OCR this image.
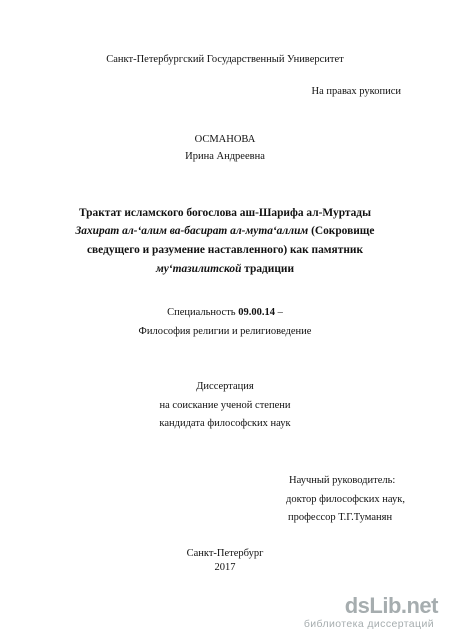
Санкт-Петербургский Государственный Университет
На правах рукописи
ОСМАНОВА
Ирина Андреевна
Трактат исламского богослова аш-Шарифа ал-Муртады
Захират ал-‘алим ва-басират ал-мута‘аллим (Сокровище
сведущего и разумение наставленного) как памятник
му‘тазилитской традиции
Специальность 09.00.14 –
Философия религии и религиоведение
Диссертация
на соискание ученой степени
кандидата философских наук
Научный руководитель:
доктор философских наук,
профессор Т.Г.Туманян
Санкт-Петербург
2017
dsLib.net
библиотека диссертаций
